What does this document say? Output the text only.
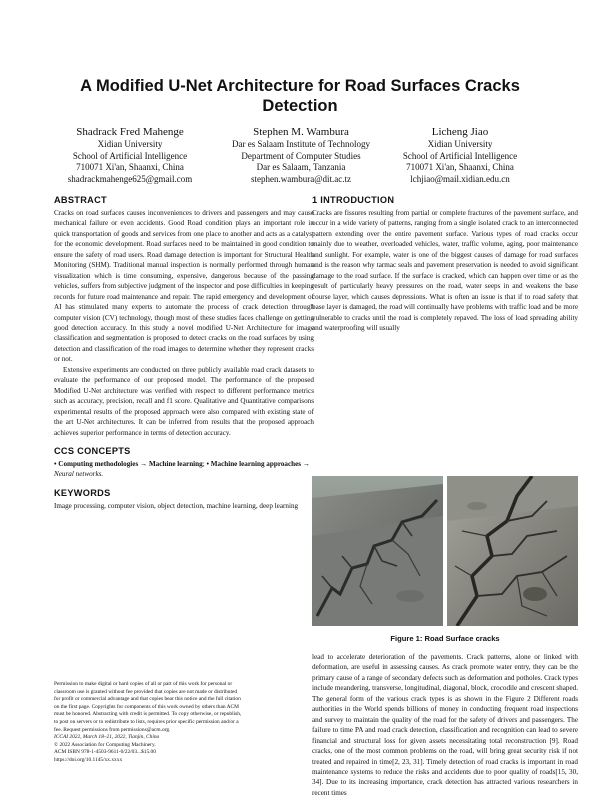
A Modified U-Net Architecture for Road Surfaces Cracks
Detection
Shadrack Fred Mahenge
Xidian University
School of Artificial Intelligence
710071 Xi'an, Shaanxi, China
shadrackmahenge625@gmail.com
Stephen M. Wambura
Dar es Salaam Institute of Technology
Department of Computer Studies
Dar es Salaam, Tanzania
stephen.wambura@dit.ac.tz
Licheng Jiao
Xidian University
School of Artificial Intelligence
710071 Xi'an, Shaanxi, China
lchjiao@mail.xidian.edu.cn
ABSTRACT

Cracks on road surfaces causes inconveniences to drivers and passengers and may cause mechanical failure or even accidents. Good Road condition plays an important role in quick transportation of goods and services from one place to another and acts as a catalyst for the economic development. Road surfaces need to be maintained in good condition to ensure the safety of road users. Road damage detection is important for Structural Health Monitoring (SHM). Traditional manual inspection is normally performed through human visualization which is time consuming, expensive, dangerous because of the passing vehicles, suffers from subjective judgment of the inspector and pose difficulties in keeping records for future road maintenance and repair. The rapid emergency and development of AI has stimulated many experts to automate the process of crack detection through computer vision (CV) technology, though most of these studies faces challenge on getting good detection accuracy. In this study a novel modified U-Net Architecture for image classification and segmentation is proposed to detect cracks on the road surfaces by using detection and classification of the road images to determine whether they represent cracks or not.

Extensive experiments are conducted on three publicly available road crack datasets to evaluate the performance of our proposed model. The performance of the proposed Modified U-Net architecture was verified with respect to different performance metrics such as accuracy, precision, recall and f1 score. Qualitative and Quantitative comparisons experimental results of the proposed approach were also compared with existing state of the art U-Net architectures. It can be inferred from results that the proposed approach achieves superior performance in terms of detection accuracy.

CCS CONCEPTS
• Computing methodologies → Machine learning; • Machine learning approaches → Neural networks.
KEYWORDS
Image processing, computer vision, object detection, machine learning, deep learning
Permission to make digital or hard copies of all or part of this work for personal or
classroom use is granted without fee provided that copies are not made or distributed
for profit or commercial advantage and that copies bear this notice and the full citation
on the first page. Copyrights for components of this work owned by others than ACM
must be honored. Abstracting with credit is permitted. To copy otherwise, or republish,
to post on servers or to redistribute to lists, requires prior specific permission and/or a
fee. Request permissions from permissions@acm.org.
ICCAI 2022, March 18–21, 2022, Tianjin, China
© 2022 Association for Computing Machinery.
ACM ISBN 978-1-4503-9611-0/22/03...$15.00
https://doi.org/10.1145/xx.xxxx
1 INTRODUCTION

Cracks are fissures resulting from partial or complete fractures of the pavement surface, and occur in a wide variety of patterns, ranging from a single isolated crack to an interconnected pattern extending over the entire pavement surface. Various types of road cracks occur mainly due to weather, overloaded vehicles, water, traffic volume, aging, poor maintenance and sunlight. For example, water is one of the biggest causes of damage for road surfaces and is the reason why tarmac seals and pavement preservation is needed to avoid significant damage to the road surface. If the surface is cracked, which can happen over time or as the result of particularly heavy pressures on the road, water seeps in and weakens the base course layer, which causes depressions. What is often an issue is that if to road safety that base layer is damaged, the road will continually have problems with traffic load and be more vulnerable to cracks until the road is completely repaved. The loss of load spreading ability and waterproofing will usually

Figure 1: Road Surface cracks

lead to accelerate deterioration of the pavements. Crack patterns, alone or linked with deformation, are useful in assessing causes. As crack promote water entry, they can be the primary cause of a range of secondary defects such as deformation and potholes. Crack types include meandering, transverse, longitudinal, diagonal, block, crocodile and crescent shaped. The general form of the various crack types is as shown in the Figure 2 Different roads authorities in the World spends billions of money in conducting frequent road inspections and survey to maintain the quality of the road for the safety of drivers and passengers. The failure to time PA and road crack detection, classification and recognition can lead to severe financial and structural loss for given assets necessitating total reconstruction [9]. Road cracks, one of the most common problems on the road, will bring great security risk if not treated and repaired in time[2, 23, 31]. Timely detection of road cracks is important in road maintenance systems to reduce the risks and accidents due to poor quality of roads[15, 30, 34]. Due to its increasing importance, crack detection has attracted various researchers in recent times
